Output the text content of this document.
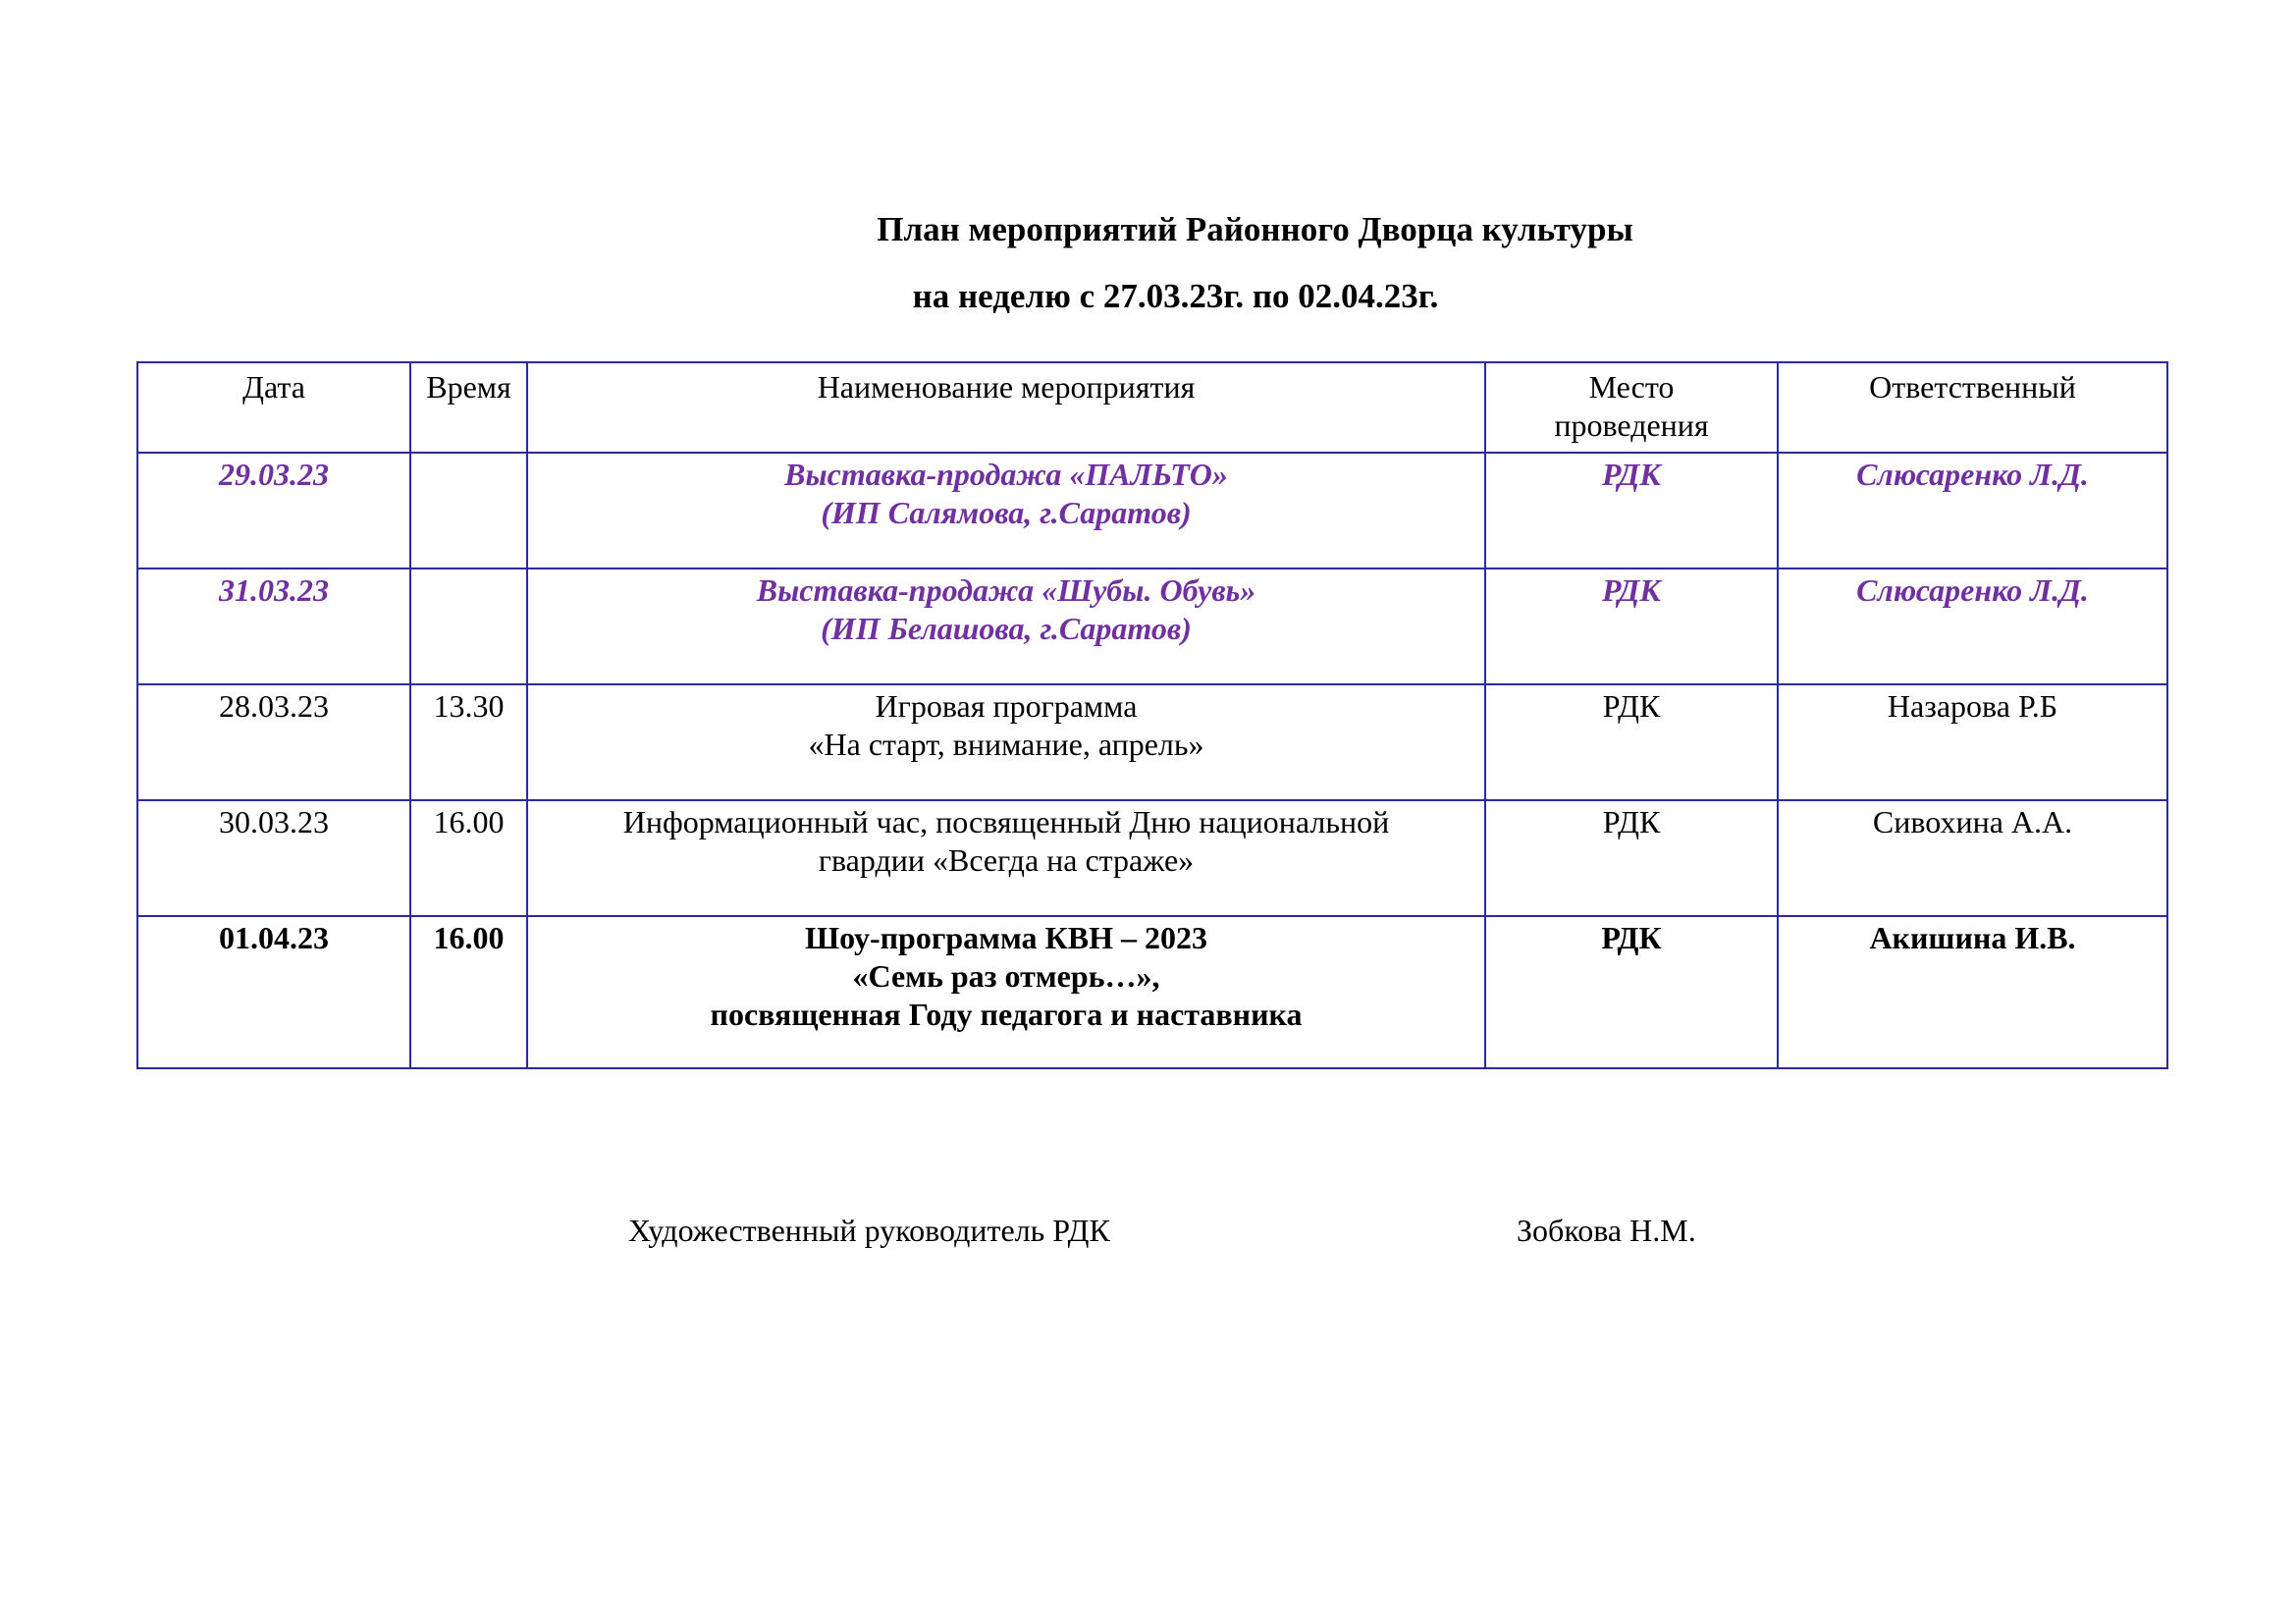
План мероприятий Районного Дворца культуры
на неделю с 27.03.23г. по 02.04.23г.
Дата	Время	Наименование мероприятия	Место
проведения	Ответственный
29.03.23		Выставка-продажа «ПАЛЬТО»
(ИП Салямова, г.Саратов)	РДК	Слюсаренко Л.Д.
31.03.23		Выставка-продажа «Шубы. Обувь»
(ИП Белашова, г.Саратов)	РДК	Слюсаренко Л.Д.
28.03.23	13.30	Игровая программа
«На старт, внимание, апрель»	РДК	Назарова Р.Б
30.03.23	16.00	Информационный час, посвященный Дню национальной
гвардии «Всегда на страже»	РДК	Сивохина А.А.
01.04.23	16.00	Шоу-программа КВН – 2023
«Семь раз отмерь…»,
посвященная Году педагога и наставника	РДК	Акишина И.В.
Художественный руководитель РДК	Зобкова Н.М.
